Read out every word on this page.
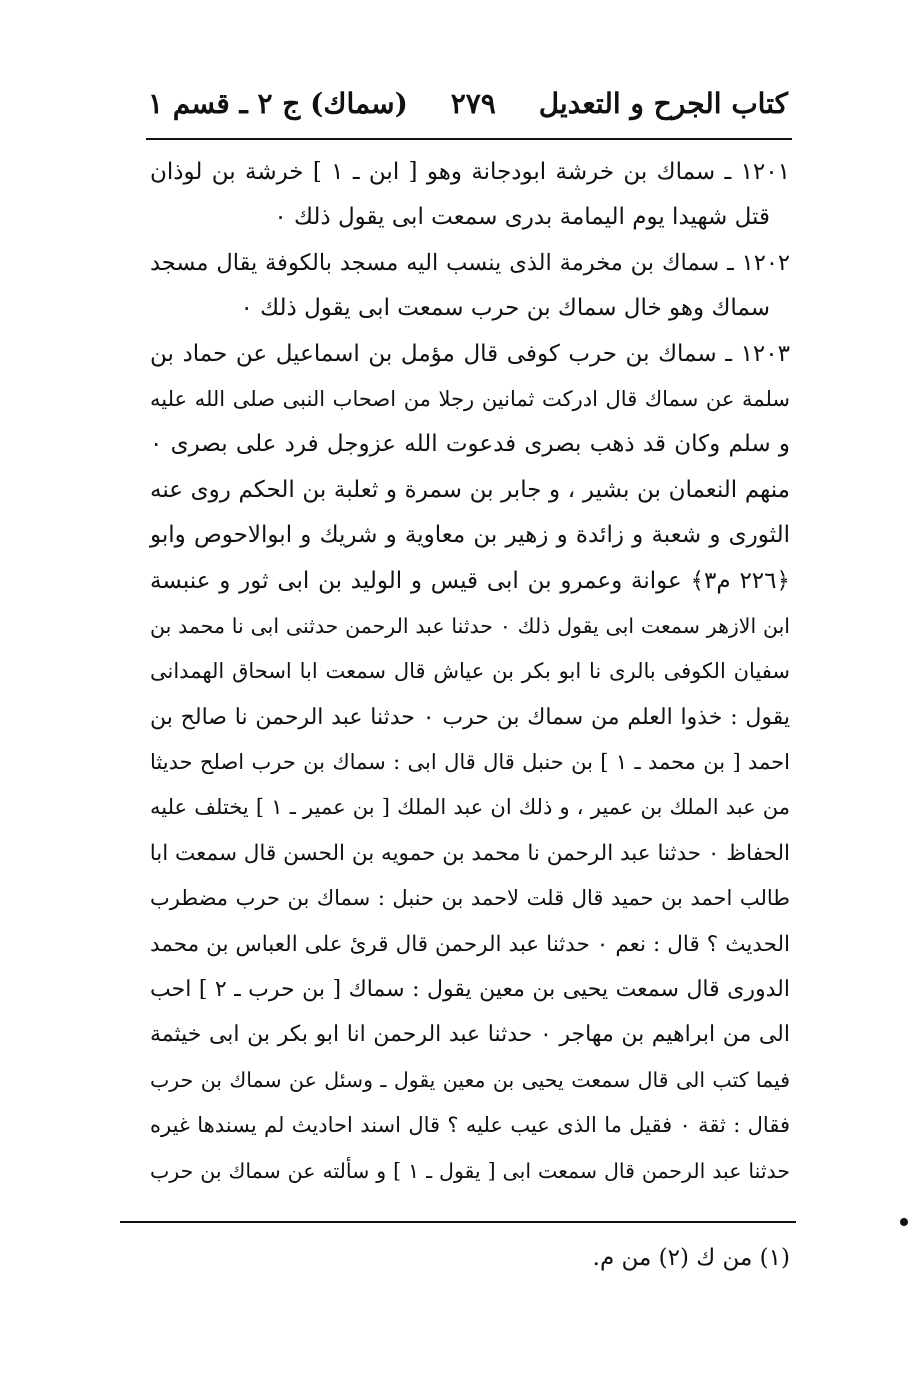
كتاب الجرح و التعديل
٢٧٩
(سماك) ج ٢ ـ قسم ١
١٢٠١ ـ سماك بن خرشة ابودجانة وهو [ ابن ـ ١ ] خرشة بن لوذان
قتل شهيدا يوم اليمامة بدرى سمعت ابى يقول ذلك ٠
١٢٠٢ ـ سماك بن مخرمة الذى ينسب اليه مسجد بالكوفة يقال مسجد
سماك وهو خال سماك بن حرب سمعت ابى يقول ذلك ٠
١٢٠٣ ـ سماك بن حرب كوفى قال مؤمل بن اسماعيل عن حماد بن
سلمة عن سماك قال ادركت ثمانين رجلا من اصحاب النبى صلى الله عليه
و سلم وكان قد ذهب بصرى فدعوت الله عزوجل فرد على بصرى ٠
منهم النعمان بن بشير ، و جابر بن سمرة و ثعلبة بن الحكم روى عنه
الثورى و شعبة و زائدة و زهير بن معاوية و شريك و ابوالاحوص وابو
﴿٢٢٦ م٣﴾ عوانة وعمرو بن ابى قيس و الوليد بن ابى ثور و عنبسة
ابن الازهر سمعت ابى يقول ذلك ٠ حدثنا عبد الرحمن حدثنى ابى نا محمد بن
سفيان الكوفى بالرى نا ابو بكر بن عياش قال سمعت ابا اسحاق الهمدانى
يقول : خذوا العلم من سماك بن حرب ٠ حدثنا عبد الرحمن نا صالح بن
احمد [ بن محمد ـ ١ ] بن حنبل قال قال ابى : سماك بن حرب اصلح حديثا
من عبد الملك بن عمير ، و ذلك ان عبد الملك [ بن عمير ـ ١ ] يختلف عليه
الحفاظ ٠ حدثنا عبد الرحمن نا محمد بن حمويه بن الحسن قال سمعت ابا
طالب احمد بن حميد قال قلت لاحمد بن حنبل : سماك بن حرب مضطرب
الحديث ؟ قال : نعم ٠ حدثنا عبد الرحمن قال قرئ على العباس بن محمد
الدورى قال سمعت يحيى بن معين يقول : سماك [ بن حرب ـ ٢ ] احب
الى من ابراهيم بن مهاجر ٠ حدثنا عبد الرحمن انا ابو بكر بن ابى خيثمة
فيما كتب الى قال سمعت يحيى بن معين يقول ـ وسئل عن سماك بن حرب
فقال : ثقة ٠ فقيل ما الذى عيب عليه ؟ قال اسند احاديث لم يسندها غيره
حدثنا عبد الرحمن قال سمعت ابى [ يقول ـ ١ ] و سألته عن سماك بن حرب
(١) من ك (٢) من م.
